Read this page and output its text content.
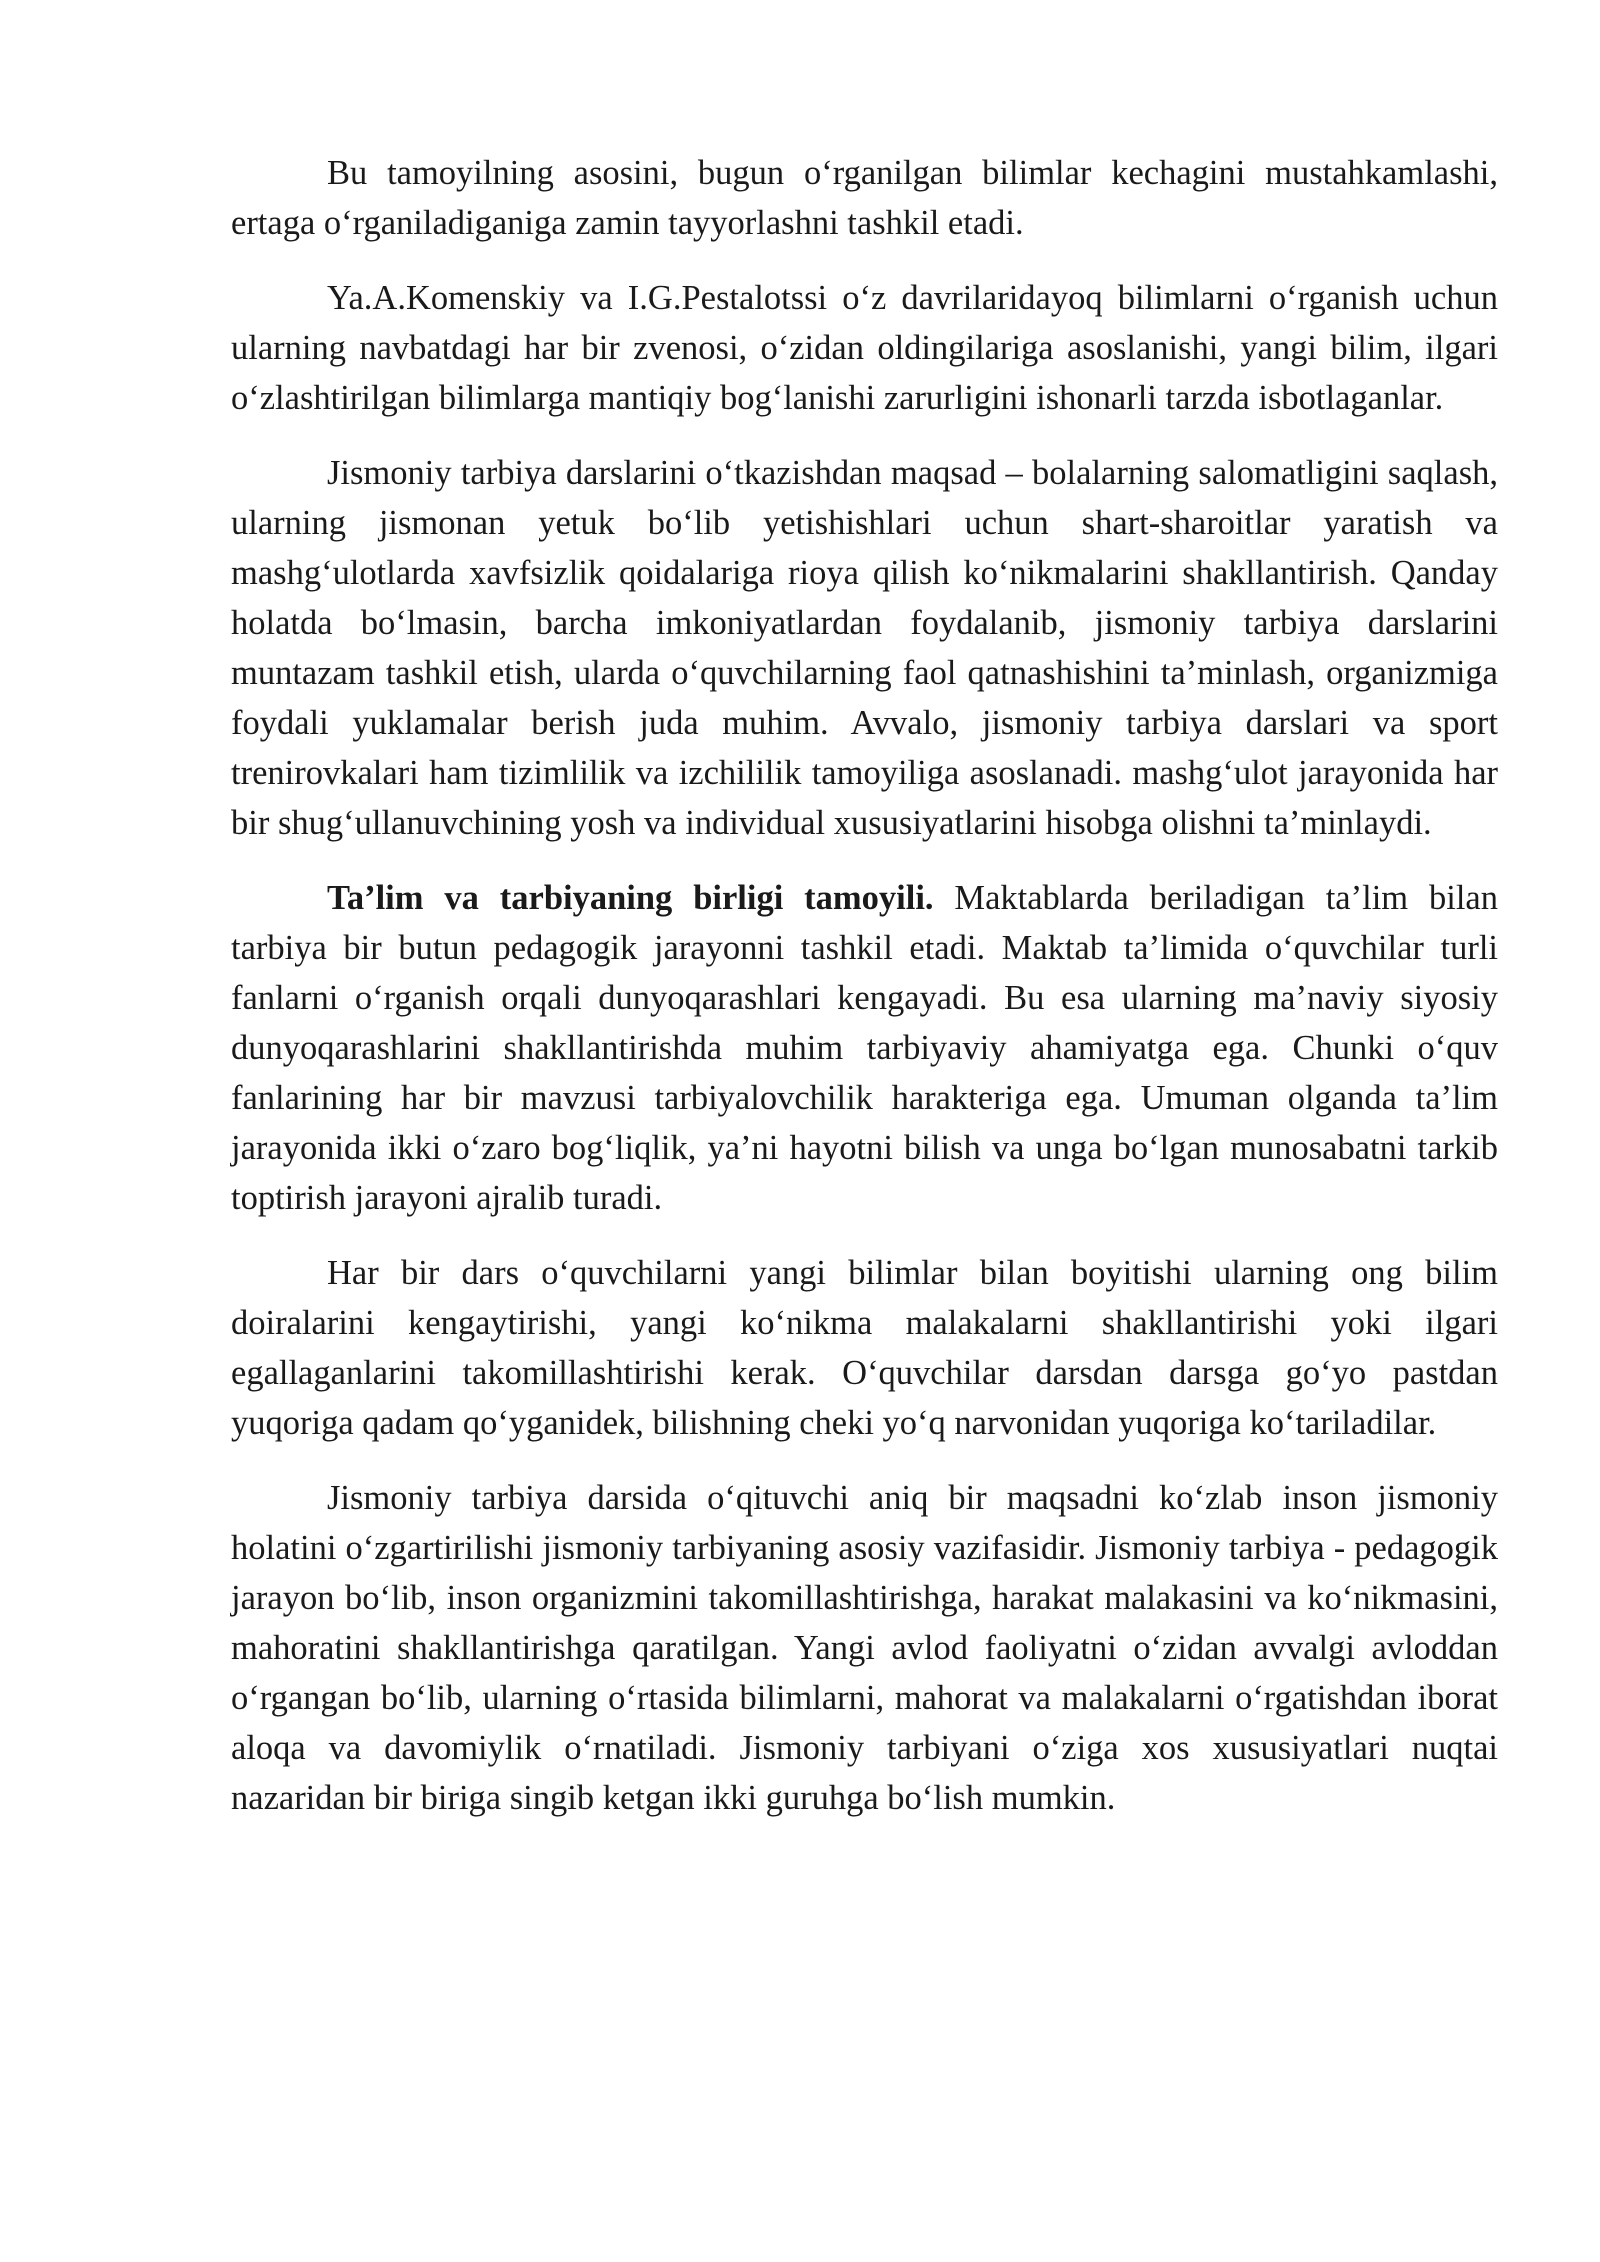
Bu tamoyilning asosini, bugun o‘rganilgan bilimlar kechagini mustahkamlashi, ertaga o‘rganiladiganiga zamin tayyorlashni tashkil etadi.

Ya.A.Komenskiy va I.G.Pestalotssi o‘z davrilaridayoq bilimlarni o‘rganish uchun ularning navbatdagi har bir zvenosi, o‘zidan oldingilariga asoslanishi, yangi bilim, ilgari o‘zlashtirilgan bilimlarga mantiqiy bog‘lanishi zarurligini ishonarli tarzda isbotlaganlar.

Jismoniy tarbiya darslarini o‘tkazishdan maqsad – bolalarning salomatligini saqlash, ularning jismonan yetuk bo‘lib yetishishlari uchun shart-sharoitlar yaratish va mashg‘ulotlarda xavfsizlik qoidalariga rioya qilish ko‘nikmalarini shakllantirish. Qanday holatda bo‘lmasin, barcha imkoniyatlardan foydalanib, jismoniy tarbiya darslarini muntazam tashkil etish, ularda o‘quvchilarning faol qatnashishini ta’minlash, organizmiga foydali yuklamalar berish juda muhim. Avvalo, jismoniy tarbiya darslari va sport trenirovkalari ham tizimlilik va izchililik tamoyiliga asoslanadi. mashg‘ulot jarayonida har bir shug‘ullanuvchining yosh va individual xususiyatlarini hisobga olishni ta’minlaydi.

Ta’lim va tarbiyaning birligi tamoyili. Maktablarda beriladigan ta’lim bilan tarbiya bir butun pedagogik jarayonni tashkil etadi. Maktab ta’limida o‘quvchilar turli fanlarni o‘rganish orqali dunyoqarashlari kengayadi. Bu esa ularning ma’naviy siyosiy dunyoqarashlarini shakllantirishda muhim tarbiyaviy ahamiyatga ega. Chunki o‘quv fanlarining har bir mavzusi tarbiyalovchilik harakteriga ega. Umuman olganda ta’lim jarayonida ikki o‘zaro bog‘liqlik, ya’ni hayotni bilish va unga bo‘lgan munosabatni tarkib toptirish jarayoni ajralib turadi.

Har bir dars o‘quvchilarni yangi bilimlar bilan boyitishi ularning ong bilim doiralarini kengaytirishi, yangi ko‘nikma malakalarni shakllantirishi yoki ilgari egallaganlarini takomillashtirishi kerak. O‘quvchilar darsdan darsga go‘yo pastdan yuqoriga qadam qo‘yganidek, bilishning cheki yo‘q narvonidan yuqoriga ko‘tariladilar.

Jismoniy tarbiya darsida o‘qituvchi aniq bir maqsadni ko‘zlab inson jismoniy holatini o‘zgartirilishi jismoniy tarbiyaning asosiy vazifasidir. Jismoniy tarbiya - pedagogik jarayon bo‘lib, inson organizmini takomillashtirishga, harakat malakasini va ko‘nikmasini, mahoratini shakllantirishga qaratilgan. Yangi avlod faoliyatni o‘zidan avvalgi avloddan o‘rgangan bo‘lib, ularning o‘rtasida bilimlarni, mahorat va malakalarni o‘rgatishdan iborat aloqa va davomiylik o‘rnatiladi. Jismoniy tarbiyani o‘ziga xos xususiyatlari nuqtai nazaridan bir biriga singib ketgan ikki guruhga bo‘lish mumkin.
